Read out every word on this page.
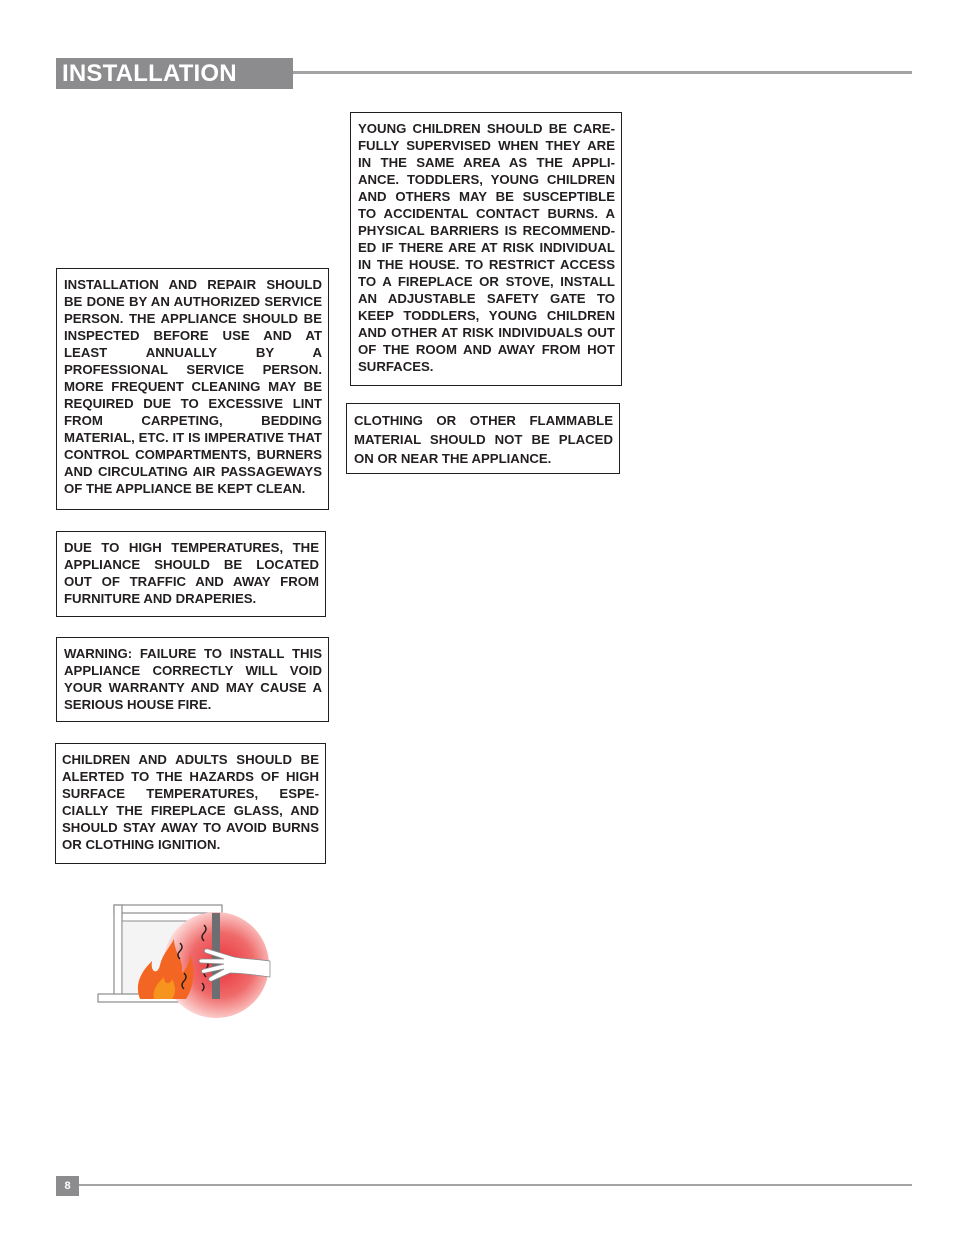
INSTALLATION
INSTALLATION AND REPAIR SHOULD BE DONE BY AN AUTHORIZED SERVICE PERSON. THE APPLIANCE SHOULD BE INSPECTED BEFORE USE AND AT LEAST ANNUALLY BY A PROFESSIONAL SERVICE PERSON. MORE FREQUENT CLEANING MAY BE REQUIRED DUE TO EXCESSIVE LINT FROM CARPETING, BEDDING MATERIAL, ETC. IT IS IMPERATIVE THAT CONTROL COMPARTMENTS, BURNERS AND CIRCULATING AIR PASSAGEWAYS OF THE APPLIANCE BE KEPT CLEAN.
DUE TO HIGH TEMPERATURES, THE APPLIANCE SHOULD BE LOCATED OUT OF TRAFFIC AND AWAY FROM FURNITURE AND DRAPERIES.
WARNING: FAILURE TO INSTALL THIS APPLIANCE CORRECTLY WILL VOID YOUR WARRANTY AND MAY CAUSE A SERIOUS HOUSE FIRE.
CHILDREN AND ADULTS SHOULD BE ALERTED TO THE HAZARDS OF HIGH SURFACE TEMPERATURES, ESPE-CIALLY THE FIREPLACE GLASS, AND SHOULD STAY AWAY TO AVOID BURNS OR CLOTHING IGNITION.
YOUNG CHILDREN SHOULD BE CARE-FULLY SUPERVISED WHEN THEY ARE IN THE SAME AREA AS THE APPLI-ANCE. TODDLERS, YOUNG CHILDREN AND OTHERS MAY BE SUSCEPTIBLE TO ACCIDENTAL CONTACT BURNS. A PHYSICAL BARRIERS IS RECOMMEND-ED IF THERE ARE AT RISK INDIVIDUAL IN THE HOUSE. TO RESTRICT ACCESS TO A FIREPLACE OR STOVE, INSTALL AN ADJUSTABLE SAFETY GATE TO KEEP TODDLERS, YOUNG CHILDREN AND OTHER AT RISK INDIVIDUALS OUT OF THE ROOM AND AWAY FROM HOT SURFACES.
CLOTHING OR OTHER FLAMMABLE MATERIAL SHOULD NOT BE PLACED ON OR NEAR THE APPLIANCE.
8
